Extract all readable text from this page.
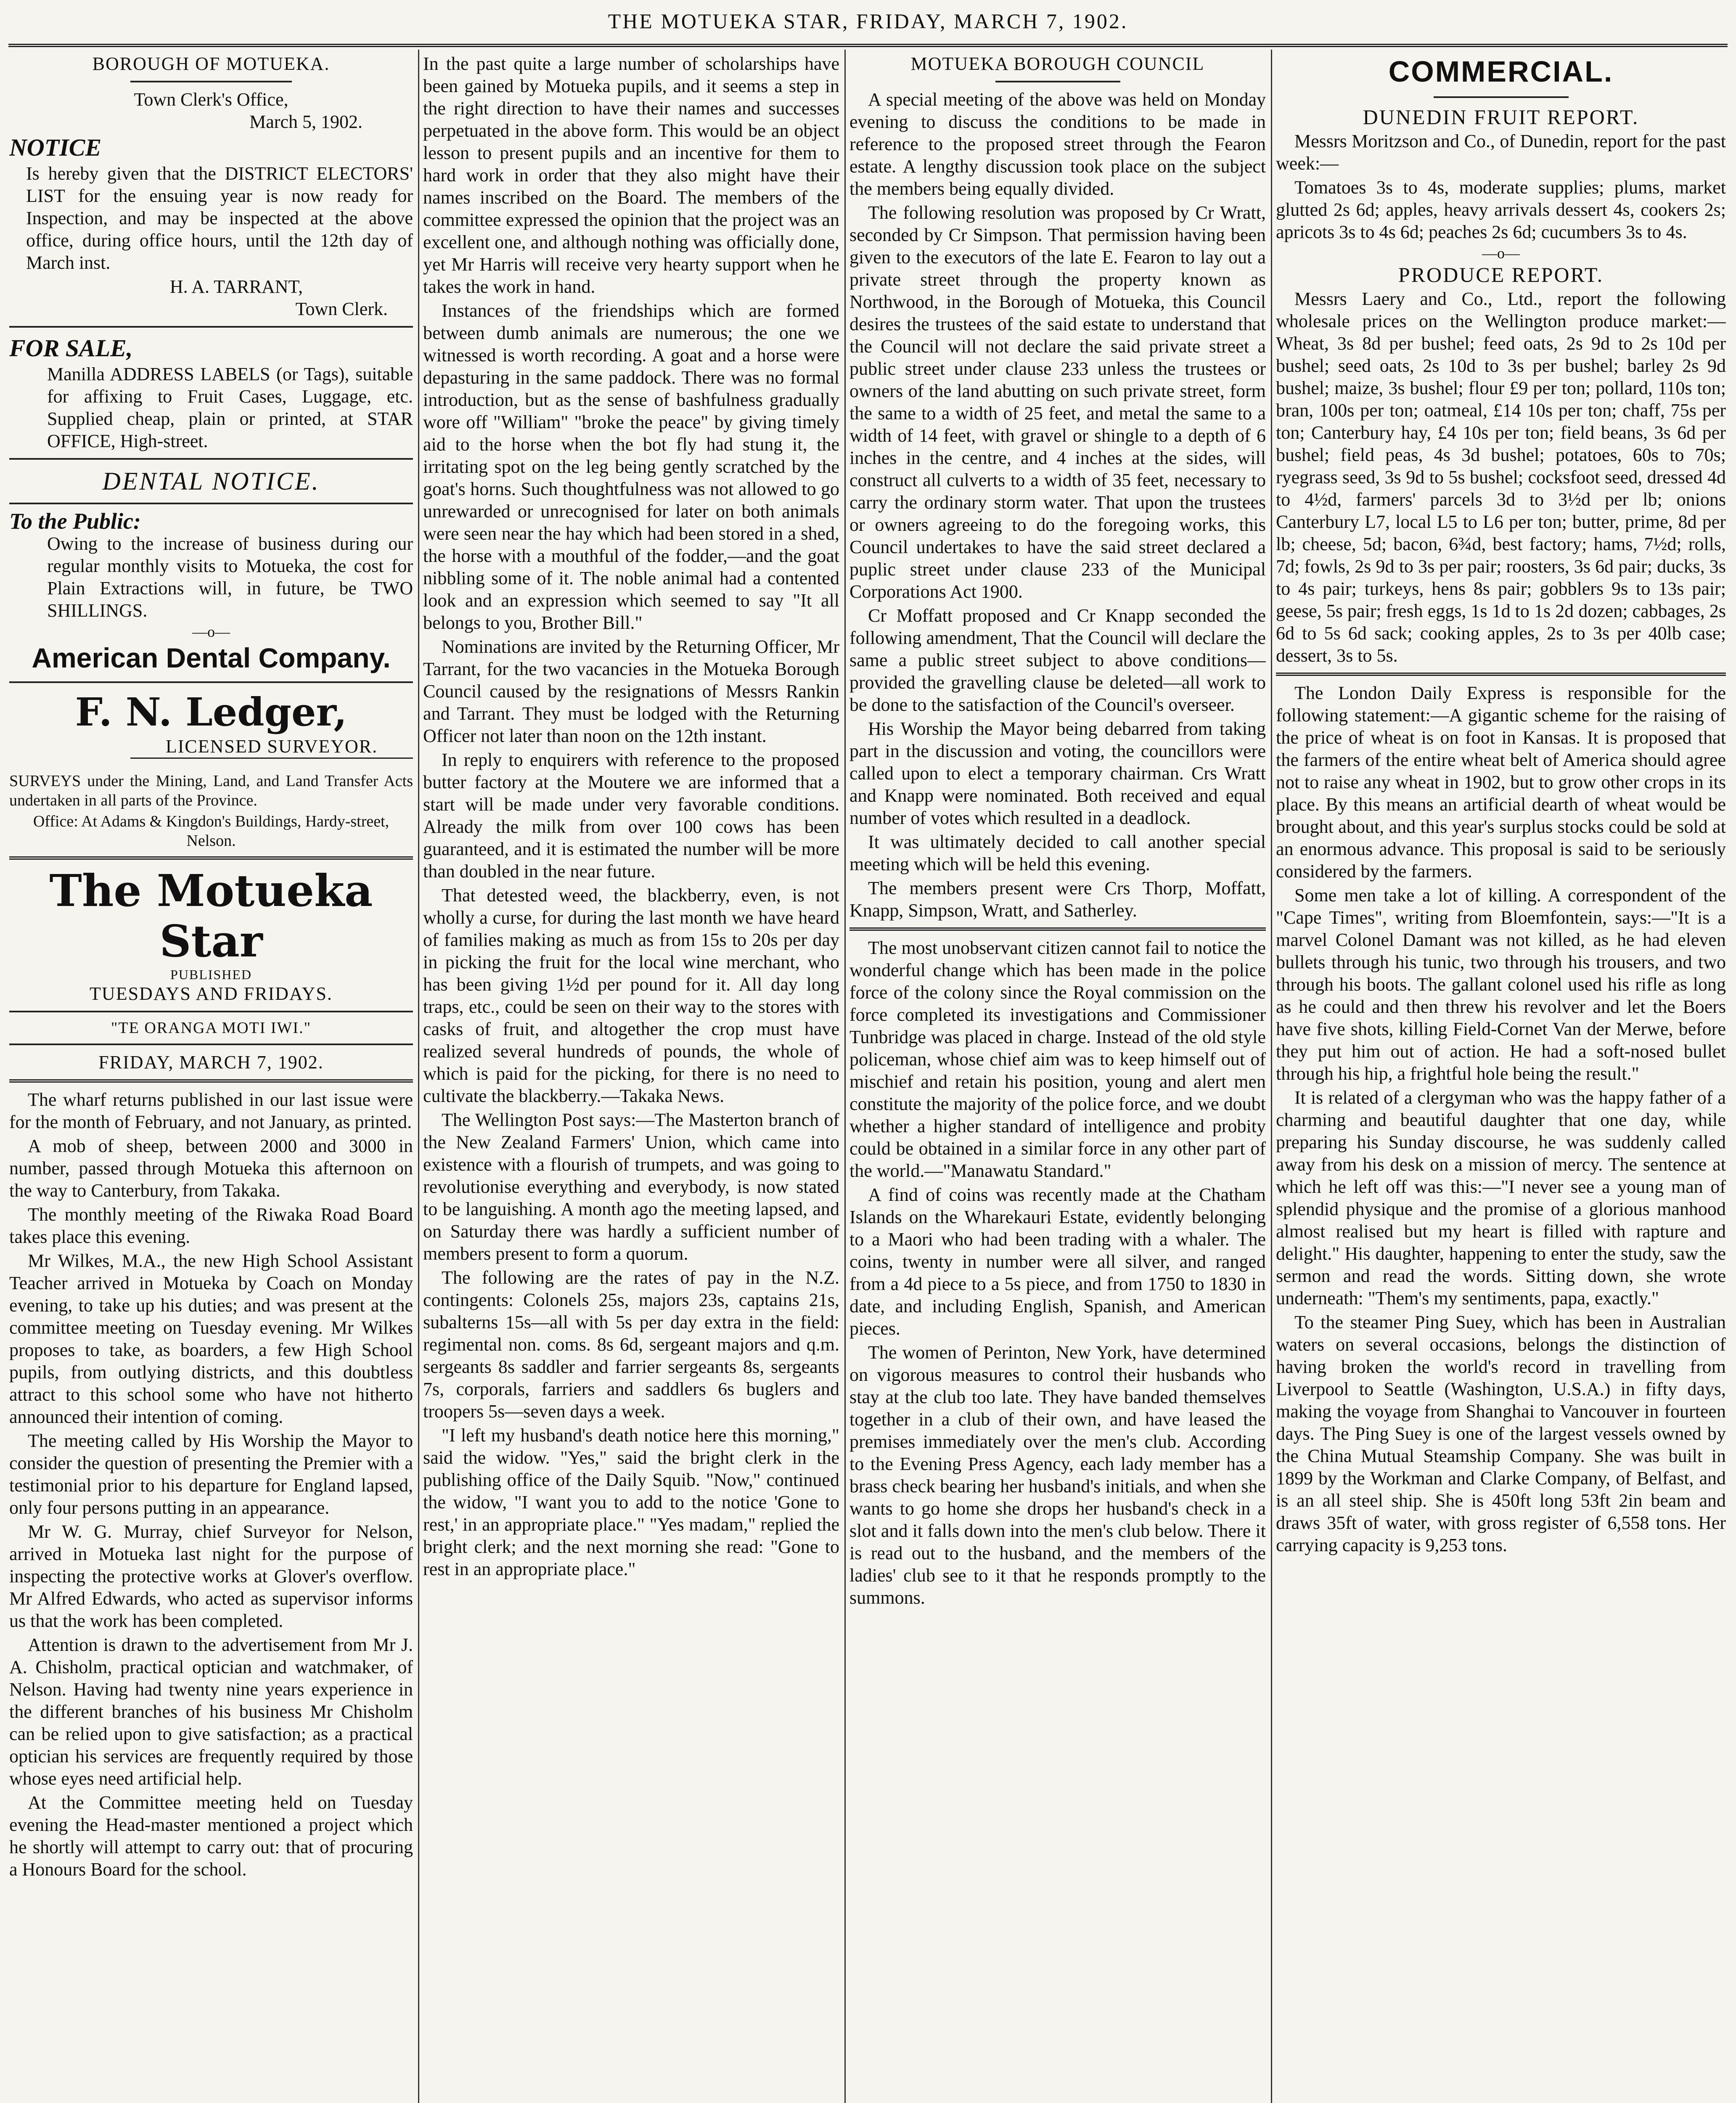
THE MOTUEKA STAR, FRIDAY, MARCH 7, 1902.
BOROUGH OF MOTUEKA.
Town Clerk's Office,
March 5, 1902.
NOTICE

Is hereby given that the DISTRICT ELECTORS' LIST for the ensuing year is now ready for Inspection, and may be inspected at the above office, during office hours, until the 12th day of March inst.

H. A. TARRANT,
Town Clerk.
FOR SALE,

Manilla ADDRESS LABELS (or Tags), suitable for affixing to Fruit Cases, Luggage, etc. Supplied cheap, plain or printed, at STAR OFFICE, High-street.

DENTAL NOTICE.
To the Public:

Owing to the increase of business during our regular monthly visits to Motueka, the cost for Plain Extractions will, in future, be TWO SHILLINGS.

—o—
American Dental Company.
F. N. Ledger,
LICENSED SURVEYOR.

SURVEYS under the Mining, Land, and Land Transfer Acts undertaken in all parts of the Province.

Office: At Adams & Kingdon's Buildings, Hardy-street, Nelson.

The Motueka Star
PUBLISHED
TUESDAYS AND FRIDAYS.
"TE ORANGA MOTI IWI."
FRIDAY, MARCH 7, 1902.

The wharf returns published in our last issue were for the month of February, and not January, as printed.

A mob of sheep, between 2000 and 3000 in number, passed through Motueka this afternoon on the way to Canterbury, from Takaka.

The monthly meeting of the Riwaka Road Board takes place this evening.

Mr Wilkes, M.A., the new High School Assistant Teacher arrived in Motueka by Coach on Monday evening, to take up his duties; and was present at the committee meeting on Tuesday evening. Mr Wilkes proposes to take, as boarders, a few High School pupils, from outlying districts, and this doubtless attract to this school some who have not hitherto announced their intention of coming.

The meeting called by His Worship the Mayor to consider the question of presenting the Premier with a testimonial prior to his departure for England lapsed, only four persons putting in an appearance.

Mr W. G. Murray, chief Surveyor for Nelson, arrived in Motueka last night for the purpose of inspecting the protective works at Glover's overflow. Mr Alfred Edwards, who acted as supervisor informs us that the work has been completed.

Attention is drawn to the advertisement from Mr J. A. Chisholm, practical optician and watchmaker, of Nelson. Having had twenty nine years experience in the different branches of his business Mr Chisholm can be relied upon to give satisfaction; as a practical optician his services are frequently required by those whose eyes need artificial help.

At the Committee meeting held on Tuesday evening the Head-master mentioned a project which he shortly will attempt to carry out: that of procuring a Honours Board for the school.

In the past quite a large number of scholarships have been gained by Motueka pupils, and it seems a step in the right direction to have their names and successes perpetuated in the above form. This would be an object lesson to present pupils and an incentive for them to hard work in order that they also might have their names inscribed on the Board. The members of the committee expressed the opinion that the project was an excellent one, and although nothing was officially done, yet Mr Harris will receive very hearty support when he takes the work in hand.

Instances of the friendships which are formed between dumb animals are numerous; the one we witnessed is worth recording. A goat and a horse were depasturing in the same paddock. There was no formal introduction, but as the sense of bashfulness gradually wore off "William" "broke the peace" by giving timely aid to the horse when the bot fly had stung it, the irritating spot on the leg being gently scratched by the goat's horns. Such thoughtfulness was not allowed to go unrewarded or unrecognised for later on both animals were seen near the hay which had been stored in a shed, the horse with a mouthful of the fodder,—and the goat nibbling some of it. The noble animal had a contented look and an expression which seemed to say "It all belongs to you, Brother Bill."

Nominations are invited by the Returning Officer, Mr Tarrant, for the two vacancies in the Motueka Borough Council caused by the resignations of Messrs Rankin and Tarrant. They must be lodged with the Returning Officer not later than noon on the 12th instant.

In reply to enquirers with reference to the proposed butter factory at the Moutere we are informed that a start will be made under very favorable conditions. Already the milk from over 100 cows has been guaranteed, and it is estimated the number will be more than doubled in the near future.

That detested weed, the blackberry, even, is not wholly a curse, for during the last month we have heard of families making as much as from 15s to 20s per day in picking the fruit for the local wine merchant, who has been giving 1½d per pound for it. All day long traps, etc., could be seen on their way to the stores with casks of fruit, and altogether the crop must have realized several hundreds of pounds, the whole of which is paid for the picking, for there is no need to cultivate the blackberry.—Takaka News.

The Wellington Post says:—The Masterton branch of the New Zealand Farmers' Union, which came into existence with a flourish of trumpets, and was going to revolutionise everything and everybody, is now stated to be languishing. A month ago the meeting lapsed, and on Saturday there was hardly a sufficient number of members present to form a quorum.

The following are the rates of pay in the N.Z. contingents: Colonels 25s, majors 23s, captains 21s, subalterns 15s—all with 5s per day extra in the field: regimental non. coms. 8s 6d, sergeant majors and q.m. sergeants 8s saddler and farrier sergeants 8s, sergeants 7s, corporals, farriers and saddlers 6s buglers and troopers 5s—seven days a week.

"I left my husband's death notice here this morning," said the widow. "Yes," said the bright clerk in the publishing office of the Daily Squib. "Now," continued the widow, "I want you to add to the notice 'Gone to rest,' in an appropriate place." "Yes madam," replied the bright clerk; and the next morning she read: "Gone to rest in an appropriate place."

MOTUEKA BOROUGH COUNCIL

A special meeting of the above was held on Monday evening to discuss the conditions to be made in reference to the proposed street through the Fearon estate. A lengthy discussion took place on the subject the members being equally divided.

The following resolution was proposed by Cr Wratt, seconded by Cr Simpson. That permission having been given to the executors of the late E. Fearon to lay out a private street through the property known as Northwood, in the Borough of Motueka, this Council desires the trustees of the said estate to understand that the Council will not declare the said private street a public street under clause 233 unless the trustees or owners of the land abutting on such private street, form the same to a width of 25 feet, and metal the same to a width of 14 feet, with gravel or shingle to a depth of 6 inches in the centre, and 4 inches at the sides, will construct all culverts to a width of 35 feet, necessary to carry the ordinary storm water. That upon the trustees or owners agreeing to do the foregoing works, this Council undertakes to have the said street declared a puplic street under clause 233 of the Municipal Corporations Act 1900.

Cr Moffatt proposed and Cr Knapp seconded the following amendment, That the Council will declare the same a public street subject to above conditions—provided the gravelling clause be deleted—all work to be done to the satisfaction of the Council's overseer.

His Worship the Mayor being debarred from taking part in the discussion and voting, the councillors were called upon to elect a temporary chairman. Crs Wratt and Knapp were nominated. Both received and equal number of votes which resulted in a deadlock.

It was ultimately decided to call another special meeting which will be held this evening.

The members present were Crs Thorp, Moffatt, Knapp, Simpson, Wratt, and Satherley.

The most unobservant citizen cannot fail to notice the wonderful change which has been made in the police force of the colony since the Royal commission on the force completed its investigations and Commissioner Tunbridge was placed in charge. Instead of the old style policeman, whose chief aim was to keep himself out of mischief and retain his position, young and alert men constitute the majority of the police force, and we doubt whether a higher standard of intelligence and probity could be obtained in a similar force in any other part of the world.—"Manawatu Standard."

A find of coins was recently made at the Chatham Islands on the Wharekauri Estate, evidently belonging to a Maori who had been trading with a whaler. The coins, twenty in number were all silver, and ranged from a 4d piece to a 5s piece, and from 1750 to 1830 in date, and including English, Spanish, and American pieces.

The women of Perinton, New York, have determined on vigorous measures to control their husbands who stay at the club too late. They have banded themselves together in a club of their own, and have leased the premises immediately over the men's club. According to the Evening Press Agency, each lady member has a brass check bearing her husband's initials, and when she wants to go home she drops her husband's check in a slot and it falls down into the men's club below. There it is read out to the husband, and the members of the ladies' club see to it that he responds promptly to the summons.

COMMERCIAL.
DUNEDIN FRUIT REPORT.

Messrs Moritzson and Co., of Dunedin, report for the past week:—

Tomatoes 3s to 4s, moderate supplies; plums, market glutted 2s 6d; apples, heavy arrivals dessert 4s, cookers 2s; apricots 3s to 4s 6d; peaches 2s 6d; cucumbers 3s to 4s.

—o—
PRODUCE REPORT.

Messrs Laery and Co., Ltd., report the following wholesale prices on the Wellington produce market:—Wheat, 3s 8d per bushel; feed oats, 2s 9d to 2s 10d per bushel; seed oats, 2s 10d to 3s per bushel; barley 2s 9d bushel; maize, 3s bushel; flour £9 per ton; pollard, 110s ton; bran, 100s per ton; oatmeal, £14 10s per ton; chaff, 75s per ton; Canterbury hay, £4 10s per ton; field beans, 3s 6d per bushel; field peas, 4s 3d bushel; potatoes, 60s to 70s; ryegrass seed, 3s 9d to 5s bushel; cocksfoot seed, dressed 4d to 4½d, farmers' parcels 3d to 3½d per lb; onions Canterbury L7, local L5 to L6 per ton; butter, prime, 8d per lb; cheese, 5d; bacon, 6¾d, best factory; hams, 7½d; rolls, 7d; fowls, 2s 9d to 3s per pair; roosters, 3s 6d pair; ducks, 3s to 4s pair; turkeys, hens 8s pair; gobblers 9s to 13s pair; geese, 5s pair; fresh eggs, 1s 1d to 1s 2d dozen; cabbages, 2s 6d to 5s 6d sack; cooking apples, 2s to 3s per 40lb case; dessert, 3s to 5s.

The London Daily Express is responsible for the following statement:—A gigantic scheme for the raising of the price of wheat is on foot in Kansas. It is proposed that the farmers of the entire wheat belt of America should agree not to raise any wheat in 1902, but to grow other crops in its place. By this means an artificial dearth of wheat would be brought about, and this year's surplus stocks could be sold at an enormous advance. This proposal is said to be seriously considered by the farmers.

Some men take a lot of killing. A correspondent of the "Cape Times", writing from Bloemfontein, says:—"It is a marvel Colonel Damant was not killed, as he had eleven bullets through his tunic, two through his trousers, and two through his boots. The gallant colonel used his rifle as long as he could and then threw his revolver and let the Boers have five shots, killing Field-Cornet Van der Merwe, before they put him out of action. He had a soft-nosed bullet through his hip, a frightful hole being the result."

It is related of a clergyman who was the happy father of a charming and beautiful daughter that one day, while preparing his Sunday discourse, he was suddenly called away from his desk on a mission of mercy. The sentence at which he left off was this:—"I never see a young man of splendid physique and the promise of a glorious manhood almost realised but my heart is filled with rapture and delight." His daughter, happening to enter the study, saw the sermon and read the words. Sitting down, she wrote underneath: "Them's my sentiments, papa, exactly."

To the steamer Ping Suey, which has been in Australian waters on several occasions, belongs the distinction of having broken the world's record in travelling from Liverpool to Seattle (Washington, U.S.A.) in fifty days, making the voyage from Shanghai to Vancouver in fourteen days. The Ping Suey is one of the largest vessels owned by the China Mutual Steamship Company. She was built in 1899 by the Workman and Clarke Company, of Belfast, and is an all steel ship. She is 450ft long 53ft 2in beam and draws 35ft of water, with gross register of 6,558 tons. Her carrying capacity is 9,253 tons.
